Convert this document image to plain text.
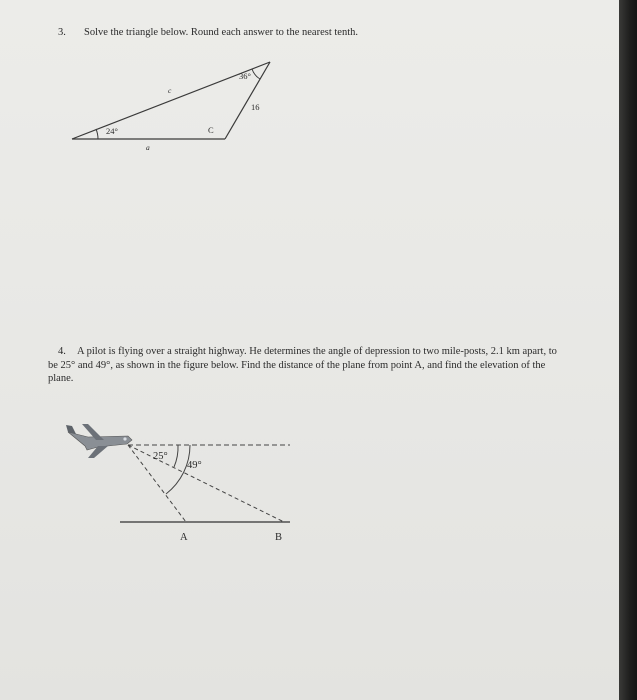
3. Solve the triangle below. Round each answer to the nearest tenth.

24°
36°
C
c
16
a
25°
49°
A	B

4.	A pilot is flying over a straight highway. He determines the angle of depression to two mile-posts, 2.1 km apart, to be 25° and 49°, as shown in the figure below. Find the distance of the plane from point A, and find the elevation of the plane.
